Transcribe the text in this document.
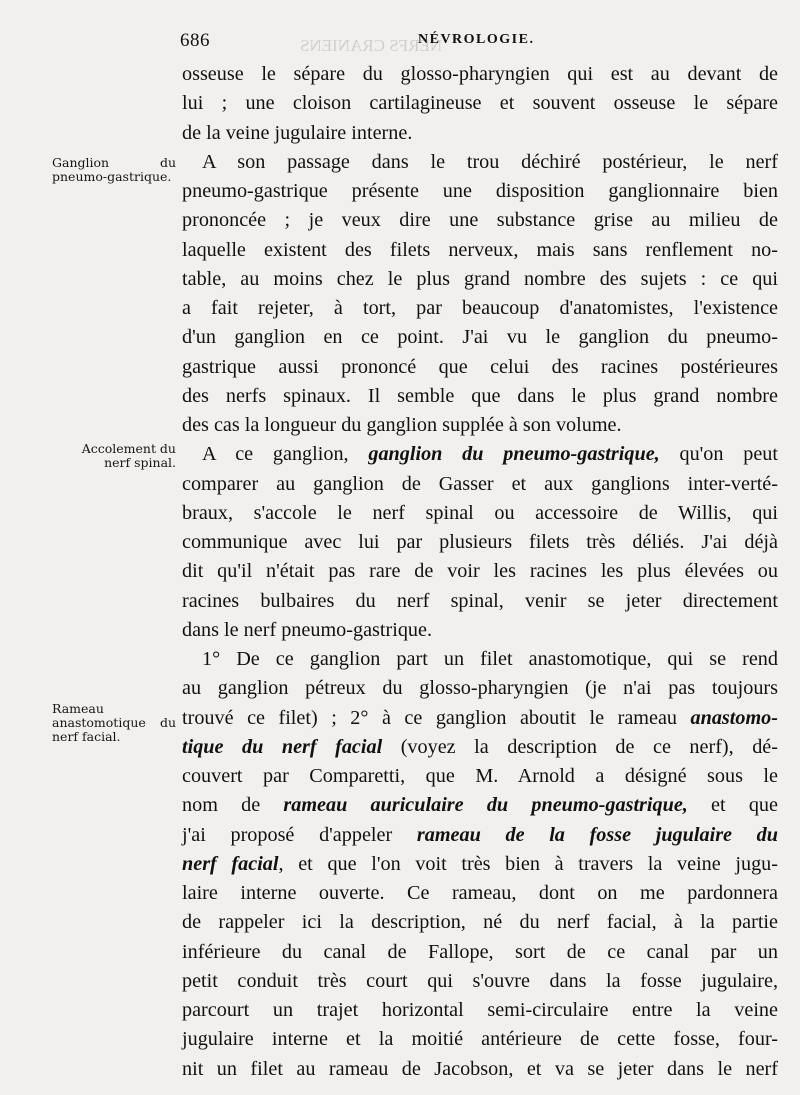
NERFS CRANIENS
686	NÉVROLOGIE.
Ganglion du pneumo-gastrique.
Accolement du nerf spinal.
Rameau anastomotique du nerf facial.
osseuse le sépare du glosso-pharyngien qui est au devant de
lui ; une cloison cartilagineuse et souvent osseuse le sépare
de la veine jugulaire interne.
A son passage dans le trou déchiré postérieur, le nerf
pneumo-gastrique présente une disposition ganglionnaire bien
prononcée ; je veux dire une substance grise au milieu de
laquelle existent des filets nerveux, mais sans renflement no-
table, au moins chez le plus grand nombre des sujets : ce qui
a fait rejeter, à tort, par beaucoup d'anatomistes, l'existence
d'un ganglion en ce point. J'ai vu le ganglion du pneumo-
gastrique aussi prononcé que celui des racines postérieures
des nerfs spinaux. Il semble que dans le plus grand nombre
des cas la longueur du ganglion supplée à son volume.
A ce ganglion, ganglion du pneumo-gastrique, qu'on peut
comparer au ganglion de Gasser et aux ganglions inter-verté-
braux, s'accole le nerf spinal ou accessoire de Willis, qui
communique avec lui par plusieurs filets très déliés. J'ai déjà
dit qu'il n'était pas rare de voir les racines les plus élevées ou
racines bulbaires du nerf spinal, venir se jeter directement
dans le nerf pneumo-gastrique.
1° De ce ganglion part un filet anastomotique, qui se rend
au ganglion pétreux du glosso-pharyngien (je n'ai pas toujours
trouvé ce filet) ; 2° à ce ganglion aboutit le rameau anastomo-
tique du nerf facial (voyez la description de ce nerf), dé-
couvert par Comparetti, que M. Arnold a désigné sous le
nom de rameau auriculaire du pneumo-gastrique, et que
j'ai proposé d'appeler rameau de la fosse jugulaire du
nerf facial, et que l'on voit très bien à travers la veine jugu-
laire interne ouverte. Ce rameau, dont on me pardonnera
de rappeler ici la description, né du nerf facial, à la partie
inférieure du canal de Fallope, sort de ce canal par un
petit conduit très court qui s'ouvre dans la fosse jugulaire,
parcourt un trajet horizontal semi-circulaire entre la veine
jugulaire interne et la moitié antérieure de cette fosse, four-
nit un filet au rameau de Jacobson, et va se jeter dans le nerf
